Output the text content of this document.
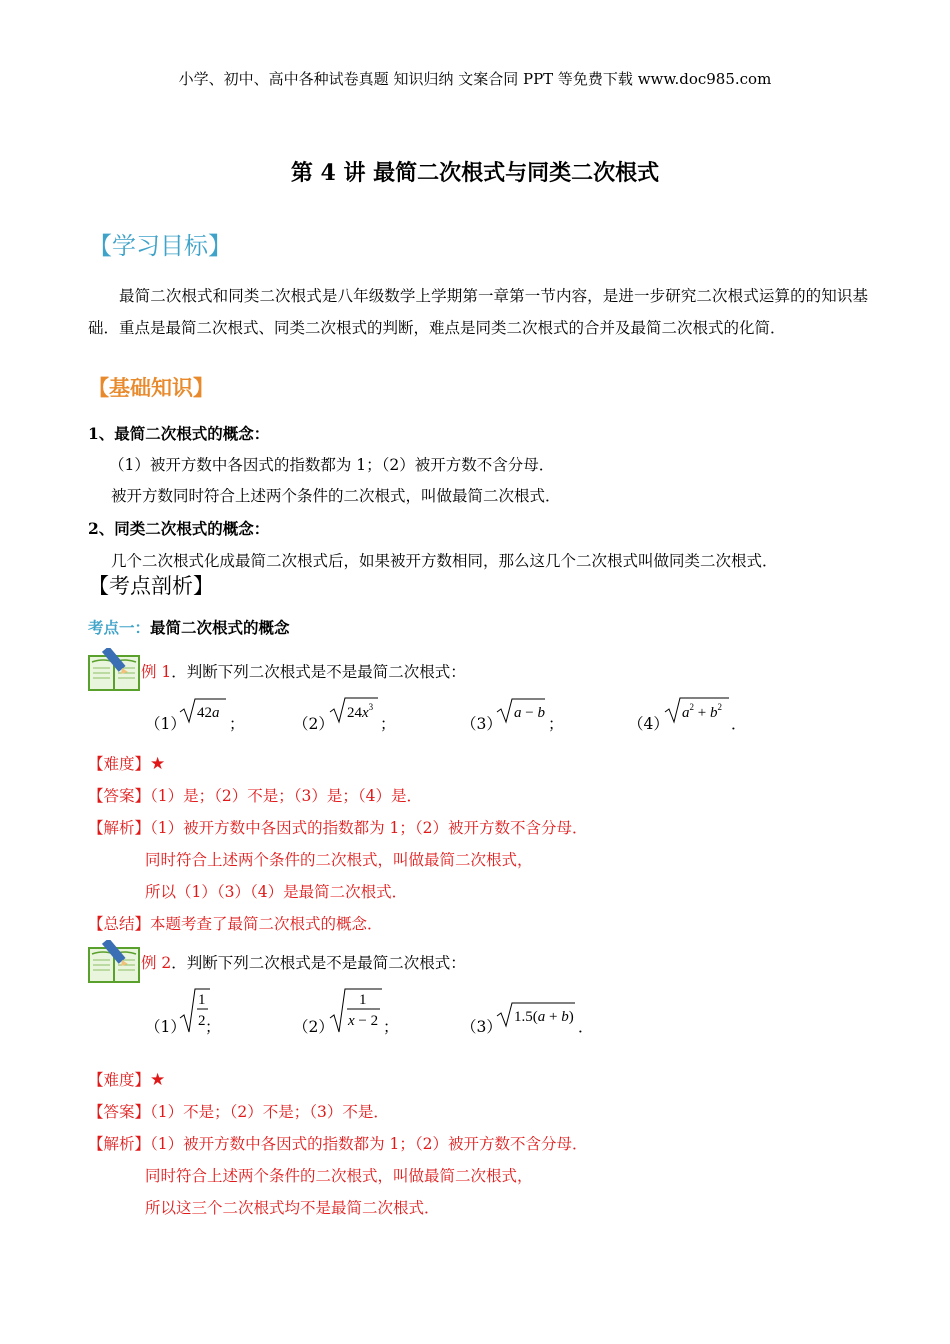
小学、初中、高中各种试卷真题 知识归纳 文案合同 PPT 等免费下载 www.doc985.com
第 4 讲 最简二次根式与同类二次根式
【学习目标】
最简二次根式和同类二次根式是八年级数学上学期第一章第一节内容，是进一步研究二次根式运算的的知识基础．重点是最简二次根式、同类二次根式的判断，难点是同类二次根式的合并及最简二次根式的化简．
【基础知识】
1、最简二次根式的概念：
（1）被开方数中各因式的指数都为 1；（2）被开方数不含分母．
被开方数同时符合上述两个条件的二次根式，叫做最简二次根式．
2、同类二次根式的概念：
几个二次根式化成最简二次根式后，如果被开方数相同，那么这几个二次根式叫做同类二次根式．
【考点剖析】
考点一：最简二次根式的概念
例 1．判断下列二次根式是不是最简二次根式：
（1）
42a
；	（2）
$24x^3$
；	（3）
a − b
；	（4）
$a^2 + b^2$
．
【难度】★
【答案】（1）是；（2）不是；（3）是；（4）是．
【解析】（1）被开方数中各因式的指数都为 1；（2）被开方数不含分母．
同时符合上述两个条件的二次根式，叫做最简二次根式，
所以（1）（3）（4）是最简二次根式．
【总结】本题考查了最简二次根式的概念．
例 2．判断下列二次根式是不是最简二次根式：
（1）
1
2 ；	（2）
1
x − 2 ；	（3）
1.5(a + b)
．
【难度】★
【答案】（1）不是；（2）不是；（3）不是．
【解析】（1）被开方数中各因式的指数都为 1；（2）被开方数不含分母．
同时符合上述两个条件的二次根式，叫做最简二次根式，
所以这三个二次根式均不是最简二次根式．
